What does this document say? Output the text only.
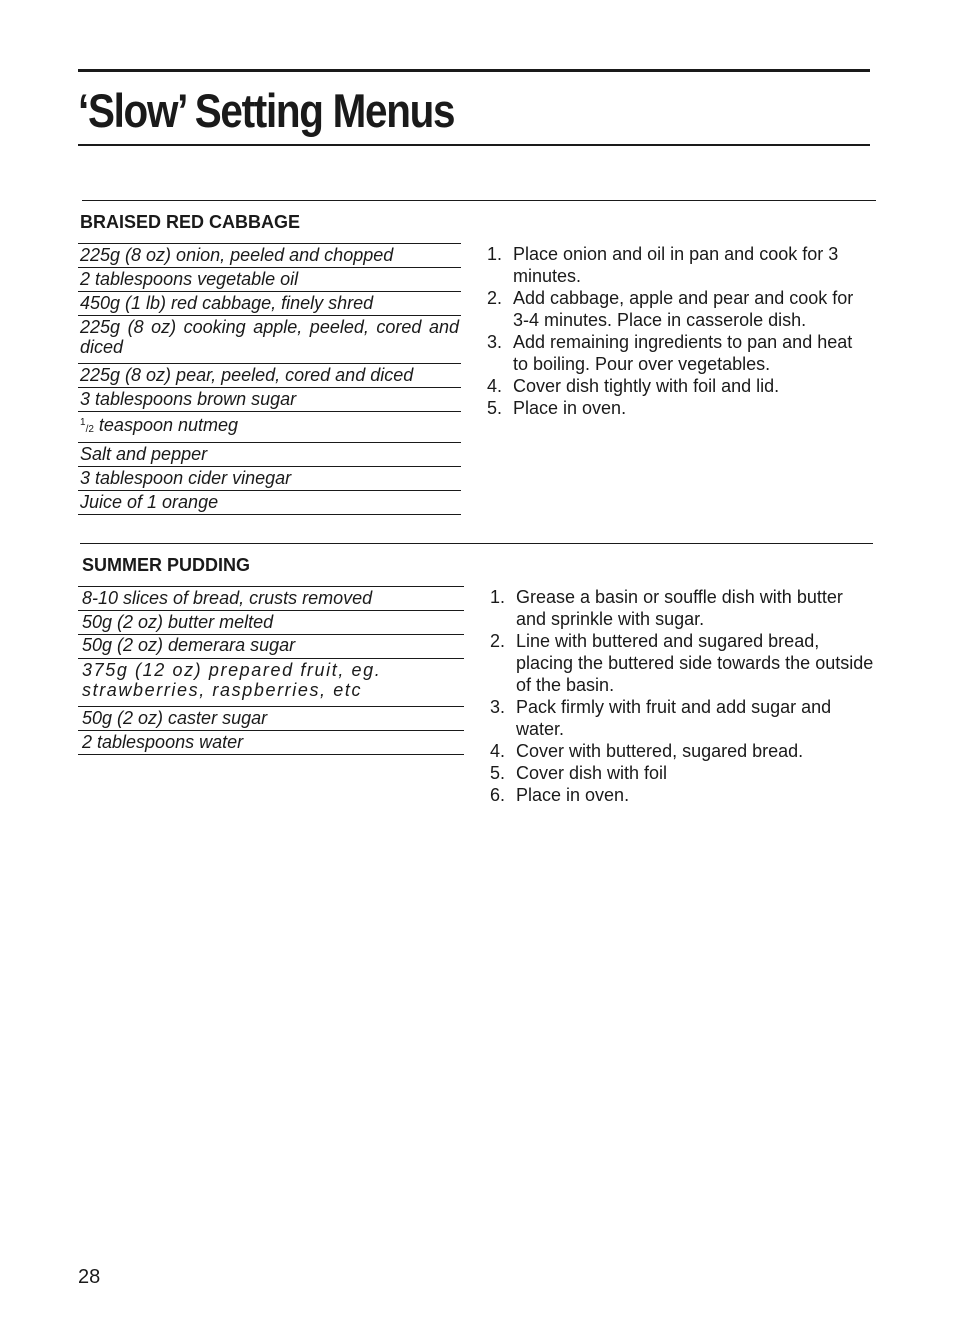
‘Slow’ Setting Menus
BRAISED RED CABBAGE
225g (8 oz) onion, peeled and chopped
2 tablespoons vegetable oil
450g (1 lb) red cabbage, finely shred
225g (8 oz) cooking apple, peeled, cored and diced
225g (8 oz) pear, peeled, cored and diced
3 tablespoons brown sugar
$^1$/2 teaspoon nutmeg
Salt and pepper
3 tablespoon cider vinegar
Juice of 1 orange
1. Place onion and oil in pan and cook for 3 minutes.
2. Add cabbage, apple and pear and cook for 3-4 minutes. Place in casserole dish.
3. Add remaining ingredients to pan and heat to boiling. Pour over vegetables.
4. Cover dish tightly with foil and lid.
5. Place in oven.
SUMMER PUDDING
8-10 slices of bread, crusts removed
50g (2 oz) butter melted
50g (2 oz) demerara sugar
375g (12 oz) prepared fruit, eg. strawberries, raspberries, etc
50g (2 oz) caster sugar
2 tablespoons water
1. Grease a basin or souffle dish with butter and sprinkle with sugar.
2. Line with buttered and sugared bread, placing the buttered side towards the outside of the basin.
3. Pack firmly with fruit and add sugar and water.
4. Cover with buttered, sugared bread.
5. Cover dish with foil
6. Place in oven.
28
